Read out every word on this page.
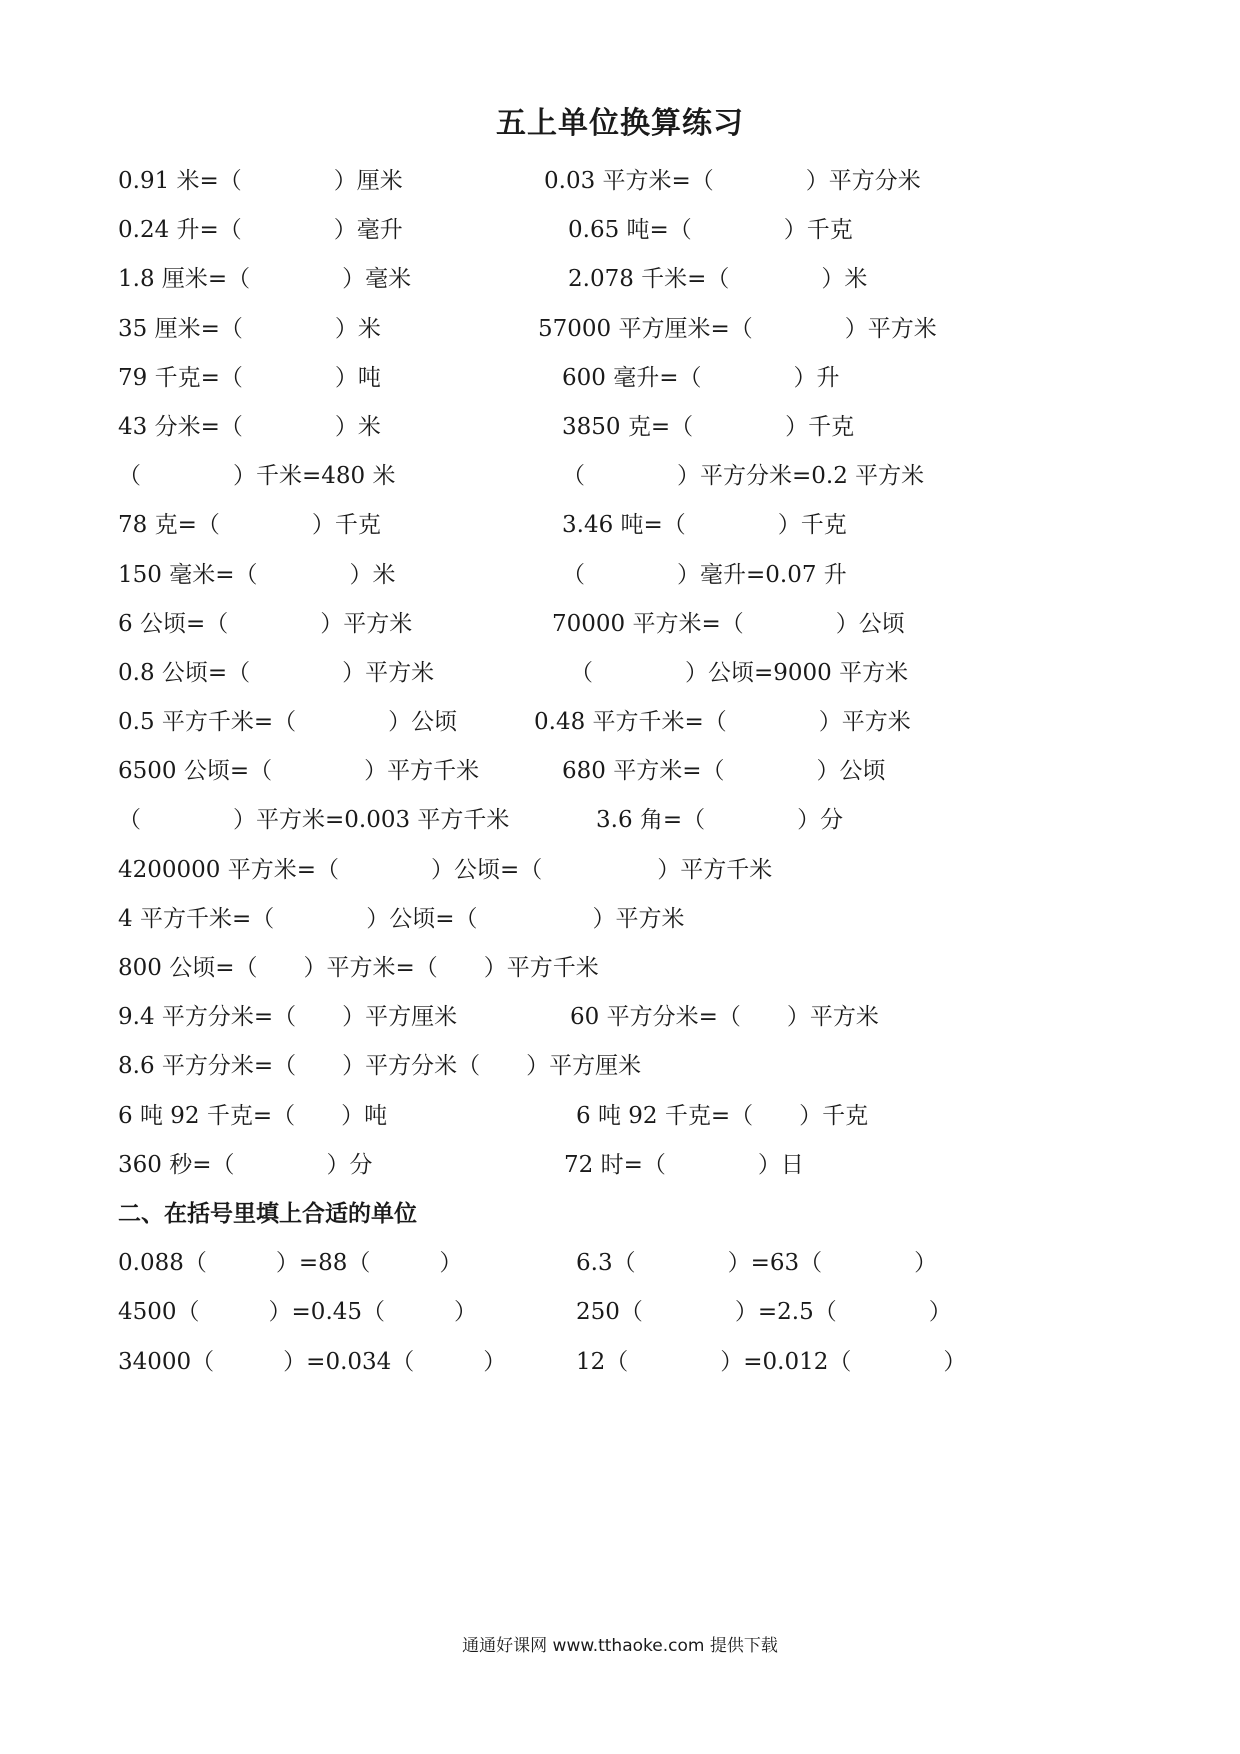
五上单位换算练习
0.91 米=（　　　　）厘米	0.03 平方米=（　　　　）平方分米
0.24 升=（　　　　）毫升	0.65 吨=（　　　　）千克
1.8 厘米=（　　　　）毫米	2.078 千米=（　　　　）米
35 厘米=（　　　　）米	57000 平方厘米=（　　　　）平方米
79 千克=（　　　　）吨	600 毫升=（　　　　）升
43 分米=（　　　　）米	3850 克=（　　　　）千克
（　　　　）千米=480 米	（　　　　）平方分米=0.2 平方米
78 克=（　　　　）千克	3.46 吨=（　　　　）千克
150 毫米=（　　　　）米	（　　　　）毫升=0.07 升
6 公顷=（　　　　）平方米	70000 平方米=（　　　　）公顷
0.8 公顷=（　　　　）平方米	（　　　　）公顷=9000 平方米
0.5 平方千米=（　　　　）公顷	0.48 平方千米=（　　　　）平方米
6500 公顷=（　　　　）平方千米	680 平方米=（　　　　）公顷
（　　　　）平方米=0.003 平方千米	3.6 角=（　　　　）分
4200000 平方米=（　　　　）公顷=（　　　　　）平方千米
4 平方千米=（　　　　）公顷=（　　　　　）平方米
800 公顷=（　　）平方米=（　　）平方千米
9.4 平方分米=（　　）平方厘米	60 平方分米=（　　）平方米
8.6 平方分米=（　　）平方分米（　　）平方厘米
6 吨 92 千克=（　　）吨	6 吨 92 千克=（　　）千克
360 秒=（　　　　）分	72 时=（　　　　）日
二、在括号里填上合适的单位
0.088（　　　）=88（　　　）	6.3（　　　　）=63（　　　　）
4500（　　　）=0.45（　　　）	250（　　　　）=2.5（　　　　）
34000（　　　）=0.034（　　　）	12（　　　　）=0.012（　　　　）
通通好课网 www.tthaoke.com 提供下载
